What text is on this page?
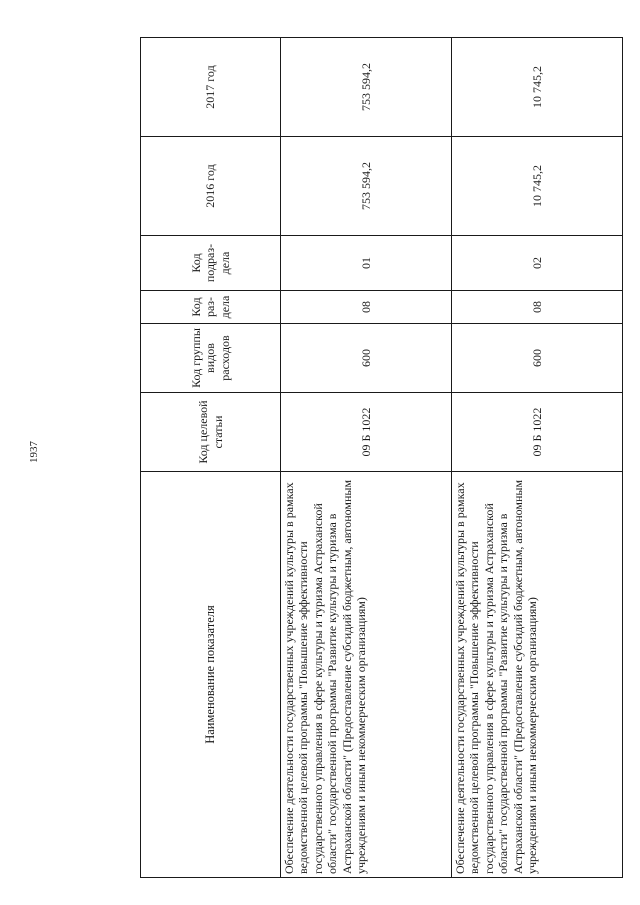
1937
Наименование показателя	Код целевой статьи	Код группы видов расходов	Код раз- дела	Код подраз- дела	2016 год	2017 год
Обеспечение деятельности государственных учреждений культуры в рамках ведомственной целевой программы "Повышение эффективности государственного управления в сфере культуры и туризма Астраханской области" государственной программы "Развитие культуры и туризма в Астраханской области" (Предоставление субсидий бюджетным, автономным учреждениям и иным некоммерческим организациям)	09 Б 1022	600	08	01	753 594,2	753 594,2
Обеспечение деятельности государственных учреждений культуры в рамках ведомственной целевой программы "Повышение эффективности государственного управления в сфере культуры и туризма Астраханской области" государственной программы "Развитие культуры и туризма в Астраханской области" (Предоставление субсидий бюджетным, автономным учреждениям и иным некоммерческим организациям)	09 Б 1022	600	08	02	10 745,2	10 745,2
